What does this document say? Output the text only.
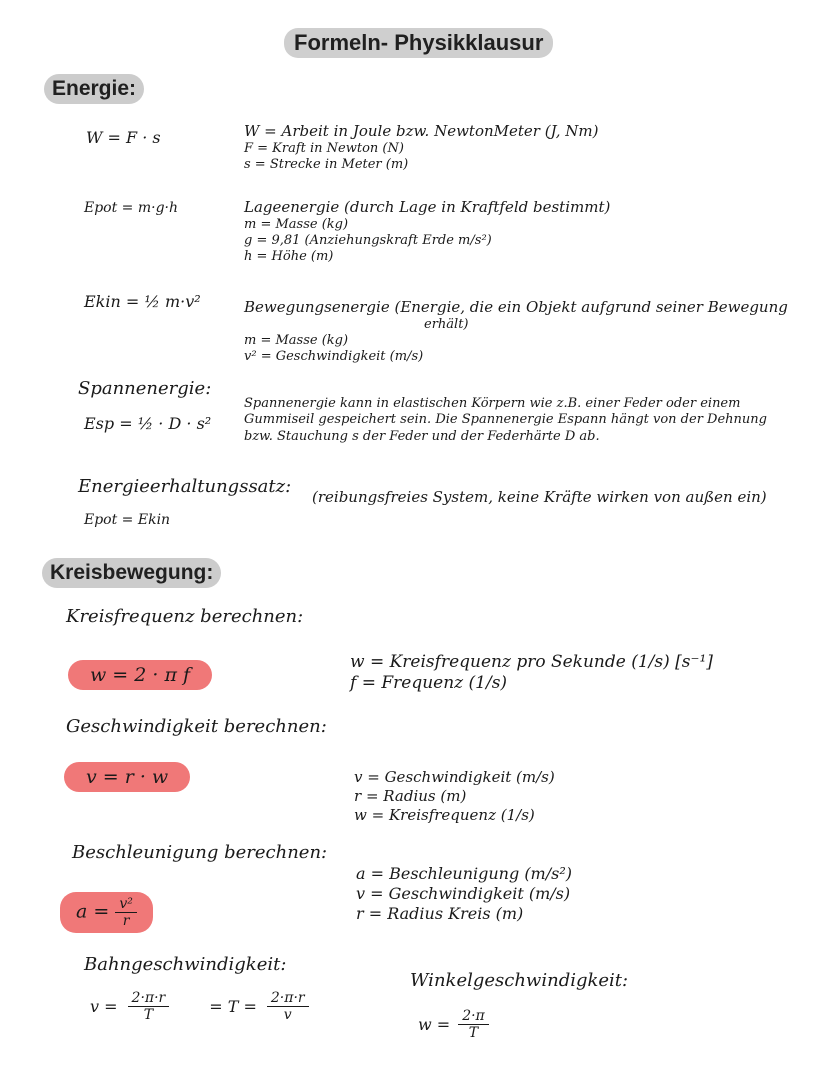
Formeln- Physikklausur
Energie:
W = F · s	W = Arbeit in Joule bzw. NewtonMeter (J, Nm)
F = Kraft in Newton (N)
s = Strecke in Meter (m)
Epot = m·g·h	Lageenergie (durch Lage in Kraftfeld bestimmt)
m = Masse (kg)
g = 9,81 (Anziehungskraft Erde m/s²)
h = Höhe (m)
Ekin = ½ m·v²	Bewegungsenergie (Energie, die ein Objekt aufgrund seiner Bewegung
erhält)
m = Masse (kg)
v² = Geschwindigkeit (m/s)
Spannenergie:
Esp = ½ · D · s²
Spannenergie kann in elastischen Körpern wie z.B. einer Feder oder einem
Gummiseil gespeichert sein. Die Spannenergie Espann hängt von der Dehnung
bzw. Stauchung s der Feder und der Federhärte D ab.
Energieerhaltungssatz: (reibungsfreies System, keine Kräfte wirken von außen ein)
Epot = Ekin
Kreisbewegung:
Kreisfrequenz berechnen:
w = 2 · π f
w = Kreisfrequenz pro Sekunde (1/s) [s⁻¹]
f = Frequenz (1/s)
Geschwindigkeit berechnen:
v = r · w	v = Geschwindigkeit (m/s)
r = Radius (m)
w = Kreisfrequenz (1/s)
Beschleunigung berechnen:
$a = \frac{\text{v²}}{r}$
a = Beschleunigung (m/s²)
v = Geschwindigkeit (m/s)
r = Radius Kreis (m)
Bahngeschwindigkeit:
$v = \frac{2\cdot\pi\cdot r}{T}$	= $T = \frac{2\cdot\pi\cdot r}{v}$
Winkelgeschwindigkeit:
$w = \frac{2\cdot\pi}{T}$
